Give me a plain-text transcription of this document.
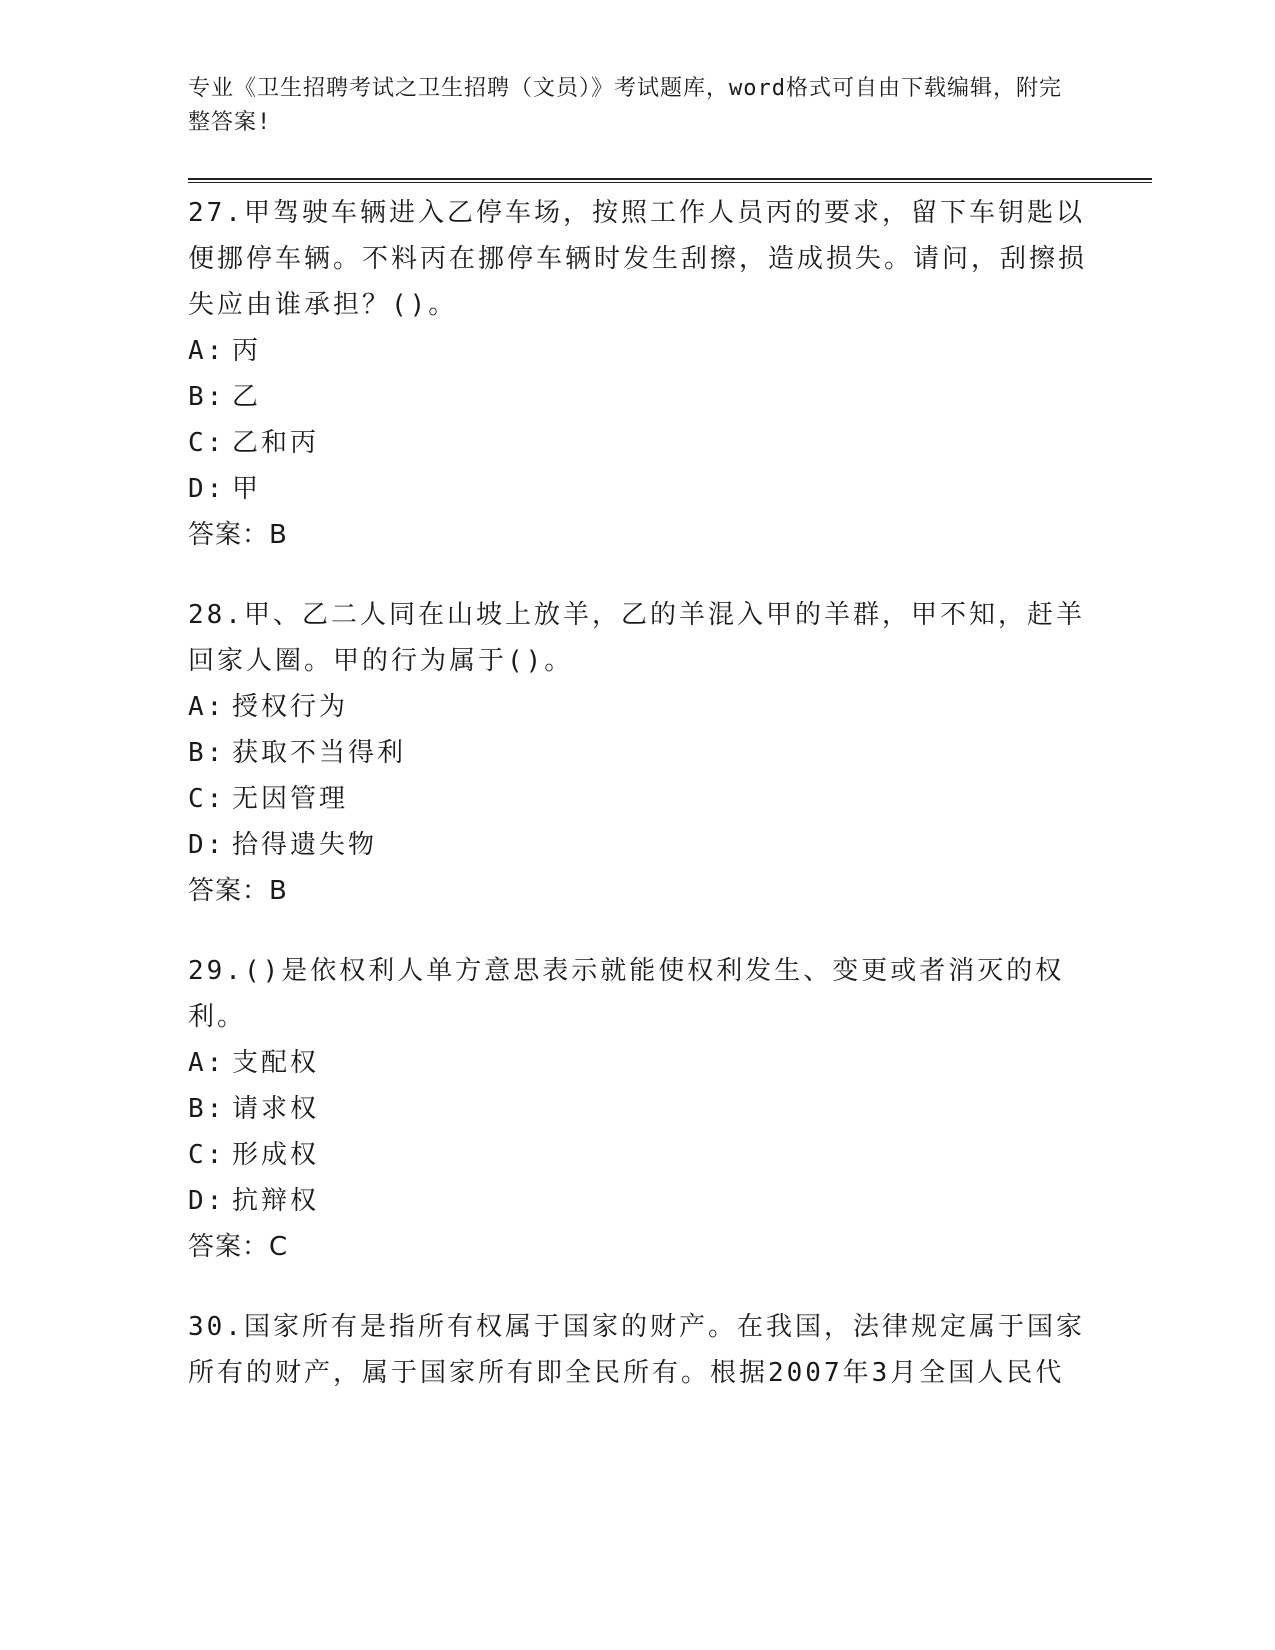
专业《卫生招聘考试之卫生招聘（文员）》考试题库，word格式可自由下载编辑，附完整答案!

27.甲驾驶车辆进入乙停车场，按照工作人员丙的要求，留下车钥匙以便挪停车辆。不料丙在挪停车辆时发生刮擦，造成损失。请问，刮擦损失应由谁承担？()。

A: 丙

B: 乙

C: 乙和丙

D: 甲

答案：B

28.甲、乙二人同在山坡上放羊，乙的羊混入甲的羊群，甲不知，赶羊回家人圈。甲的行为属于()。

A: 授权行为

B: 获取不当得利

C: 无因管理

D: 拾得遗失物

答案：B

29.()是依权利人单方意思表示就能使权利发生、变更或者消灭的权利。

A: 支配权

B: 请求权

C: 形成权

D: 抗辩权

答案：C

30.国家所有是指所有权属于国家的财产。在我国，法律规定属于国家所有的财产，属于国家所有即全民所有。根据2007年3月全国人民代
